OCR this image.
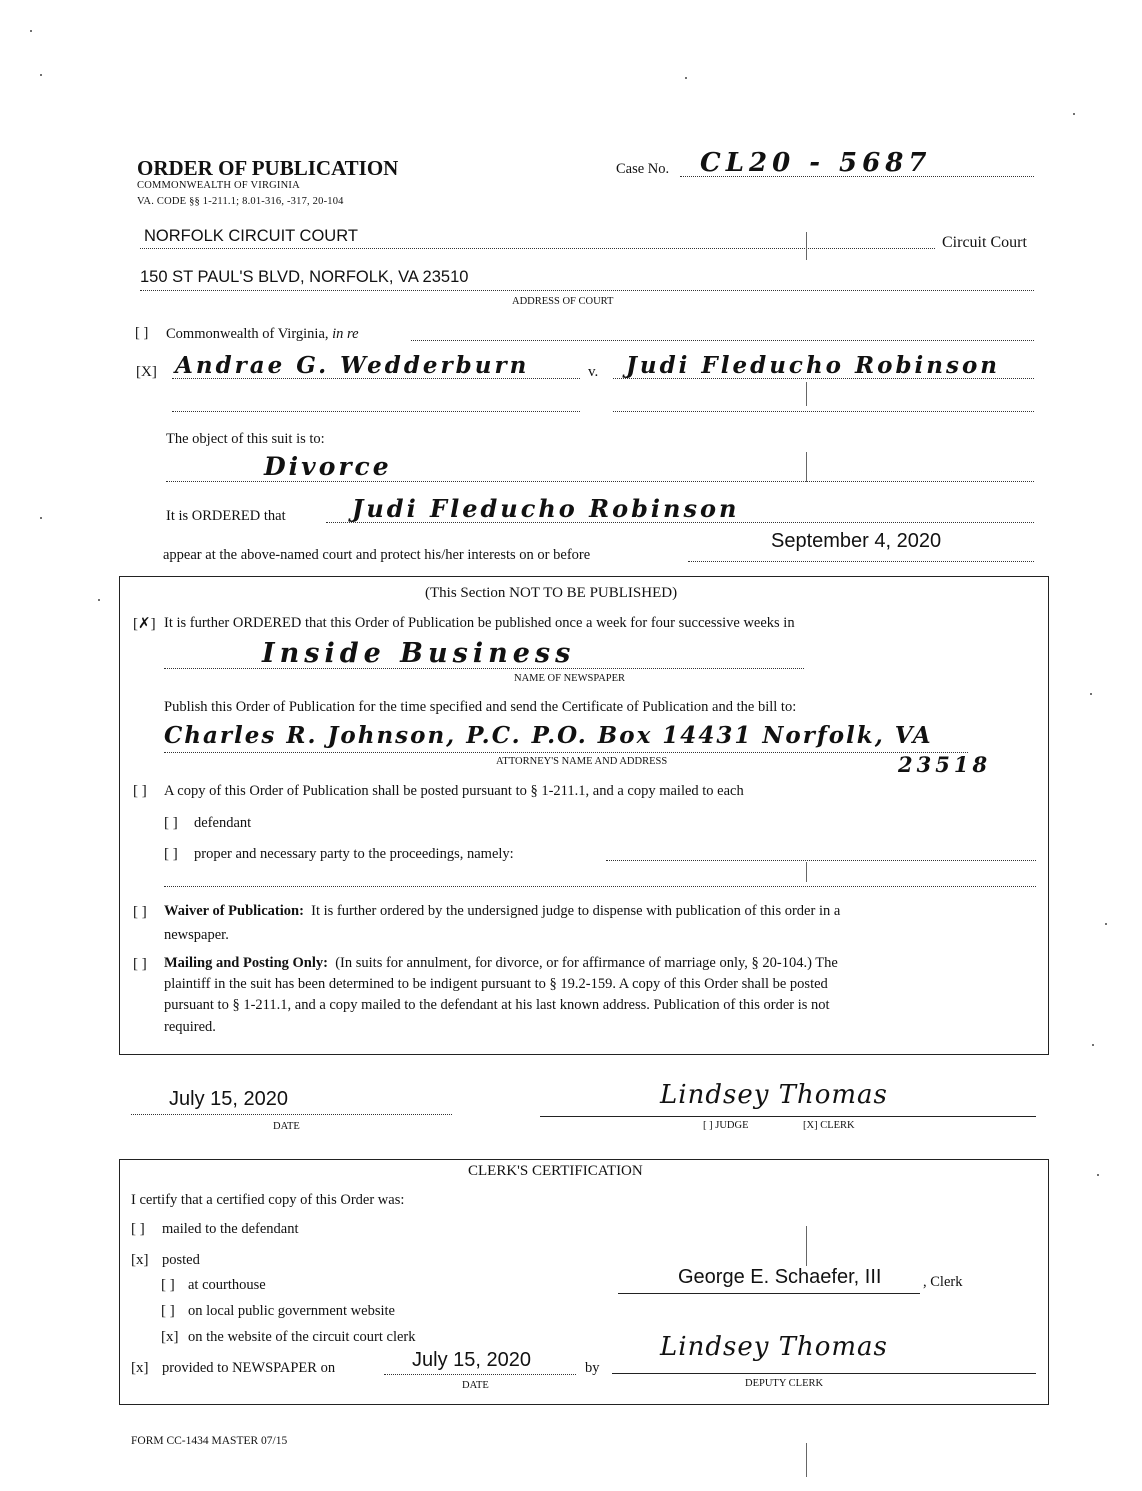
ORDER OF PUBLICATION
COMMONWEALTH OF VIRGINIA
VA. CODE §§ 1-211.1; 8.01-316, -317, 20-104
Case No. CL20 - 5687
NORFOLK CIRCUIT COURT	Circuit Court
150 ST PAUL'S BLVD, NORFOLK, VA 23510
ADDRESS OF COURT
[ ] Commonwealth of Virginia, in re
[X] Andrae G. Wedderburn	v. Judi Fleducho Robinson
The object of this suit is to:
Divorce
It is ORDERED that	Judi Fleducho Robinson
appear at the above-named court and protect his/her interests on or before
September 4, 2020
(This Section NOT TO BE PUBLISHED)
[✗] It is further ORDERED that this Order of Publication be published once a week for four successive weeks in
Inside Business
NAME OF NEWSPAPER
Publish this Order of Publication for the time specified and send the Certificate of Publication and the bill to:
Charles R. Johnson, P.C. P.O. Box 14431 Norfolk, VA
23518
ATTORNEY'S NAME AND ADDRESS
[ ] A copy of this Order of Publication shall be posted pursuant to § 1-211.1, and a copy mailed to each
[ ] defendant
[ ] proper and necessary party to the proceedings, namely:
[ ] Waiver of Publication: It is further ordered by the undersigned judge to dispense with publication of this order in a
newspaper.
[ ] Mailing and Posting Only: (In suits for annulment, for divorce, or for affirmance of marriage only, § 20-104.) The
plaintiff in the suit has been determined to be indigent pursuant to § 19.2-159. A copy of this Order shall be posted
pursuant to § 1-211.1, and a copy mailed to the defendant at his last known address. Publication of this order is not
required.
July 15, 2020
DATE
Lindsey Thomas
[ ] JUDGE	[X] CLERK
CLERK'S CERTIFICATION
I certify that a certified copy of this Order was:
[ ] mailed to the defendant
[x] posted
[ ] at courthouse	George E. Schaefer, III	, Clerk
[ ] on local public government website
[x] on the website of the circuit court clerk
[x] provided to NEWSPAPER on	July 15, 2020
DATE
by
Lindsey Thomas
DEPUTY CLERK
FORM CC-1434 MASTER 07/15
